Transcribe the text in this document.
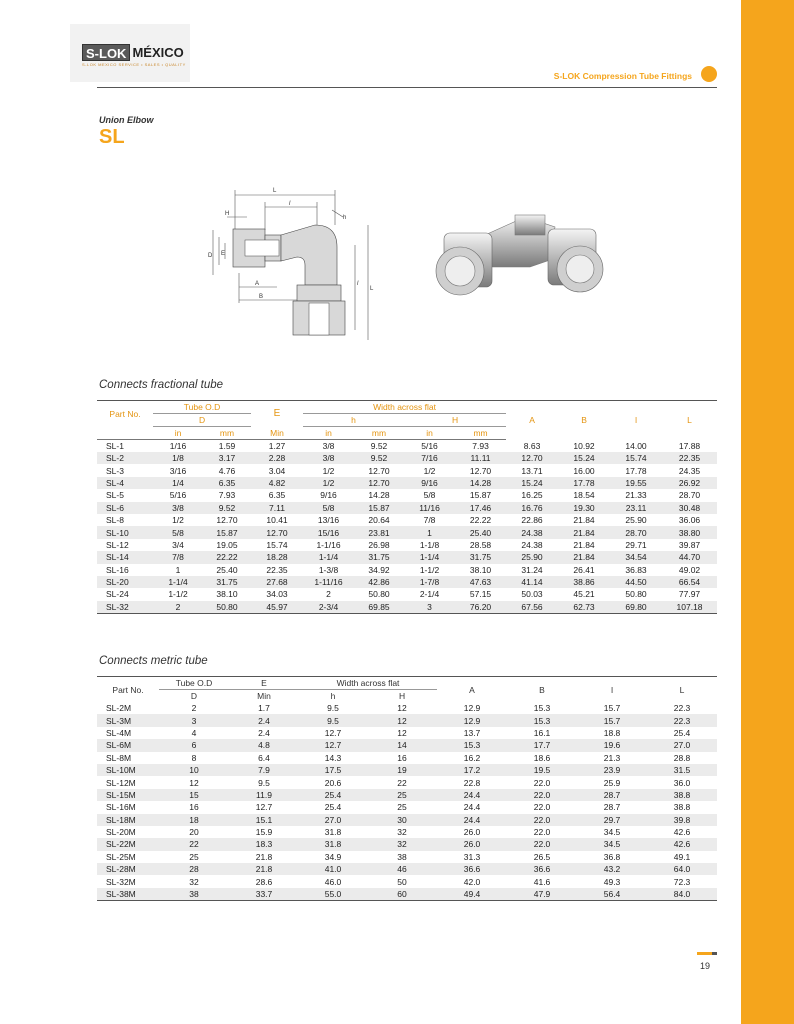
S-LOK MÉXICO
S-LOK MEXICO SERVICE • SALES • QUALITY
S-LOK Compression Tube Fittings
Union Elbow
SL
L
l
H
h
D E
A
B
l
L
Connects fractional tube
Part No.	Tube O.D		E	Width across flat				A	B	l	L
	D			h		H					
	in	mm	Min	in	mm	in	mm				
SL-1	1/16	1.59	1.27	3/8	9.52	5/16	7.93	8.63	10.92	14.00	17.88
SL-2	1/8	3.17	2.28	3/8	9.52	7/16	11.11	12.70	15.24	15.74	22.35
SL-3	3/16	4.76	3.04	1/2	12.70	1/2	12.70	13.71	16.00	17.78	24.35
SL-4	1/4	6.35	4.82	1/2	12.70	9/16	14.28	15.24	17.78	19.55	26.92
SL-5	5/16	7.93	6.35	9/16	14.28	5/8	15.87	16.25	18.54	21.33	28.70
SL-6	3/8	9.52	7.11	5/8	15.87	11/16	17.46	16.76	19.30	23.11	30.48
SL-8	1/2	12.70	10.41	13/16	20.64	7/8	22.22	22.86	21.84	25.90	36.06
SL-10	5/8	15.87	12.70	15/16	23.81	1	25.40	24.38	21.84	28.70	38.80
SL-12	3/4	19.05	15.74	1-1/16	26.98	1-1/8	28.58	24.38	21.84	29.71	39.87
SL-14	7/8	22.22	18.28	1-1/4	31.75	1-1/4	31.75	25.90	21.84	34.54	44.70
SL-16	1	25.40	22.35	1-3/8	34.92	1-1/2	38.10	31.24	26.41	36.83	49.02
SL-20	1-1/4	31.75	27.68	1-11/16	42.86	1-7/8	47.63	41.14	38.86	44.50	66.54
SL-24	1-1/2	38.10	34.03	2	50.80	2-1/4	57.15	50.03	45.21	50.80	77.97
SL-32	2	50.80	45.97	2-3/4	69.85	3	76.20	67.56	62.73	69.80	107.18
Connects metric tube
Part No.	Tube O.D	E	Width across flat		A	B	l	L
	D	Min	h	H				
SL-2M	2	1.7	9.5	12	12.9	15.3	15.7	22.3
SL-3M	3	2.4	9.5	12	12.9	15.3	15.7	22.3
SL-4M	4	2.4	12.7	12	13.7	16.1	18.8	25.4
SL-6M	6	4.8	12.7	14	15.3	17.7	19.6	27.0
SL-8M	8	6.4	14.3	16	16.2	18.6	21.3	28.8
SL-10M	10	7.9	17.5	19	17.2	19.5	23.9	31.5
SL-12M	12	9.5	20.6	22	22.8	22.0	25.9	36.0
SL-15M	15	11.9	25.4	25	24.4	22.0	28.7	38.8
SL-16M	16	12.7	25.4	25	24.4	22.0	28.7	38.8
SL-18M	18	15.1	27.0	30	24.4	22.0	29.7	39.8
SL-20M	20	15.9	31.8	32	26.0	22.0	34.5	42.6
SL-22M	22	18.3	31.8	32	26.0	22.0	34.5	42.6
SL-25M	25	21.8	34.9	38	31.3	26.5	36.8	49.1
SL-28M	28	21.8	41.0	46	36.6	36.6	43.2	64.0
SL-32M	32	28.6	46.0	50	42.0	41.6	49.3	72.3
SL-38M	38	33.7	55.0	60	49.4	47.9	56.4	84.0
19
